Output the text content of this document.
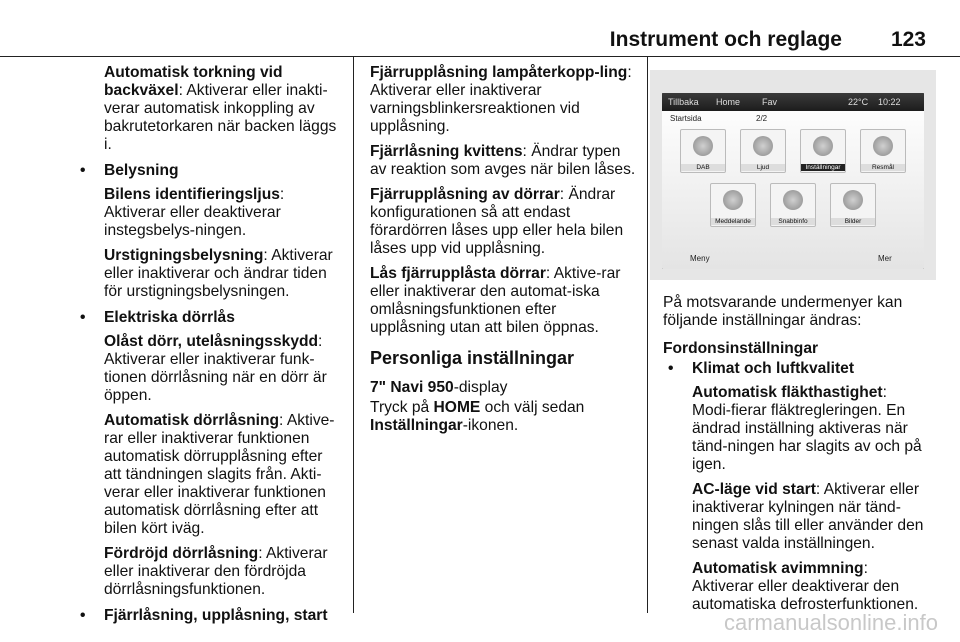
Instrument och reglage 123

Automatisk torkning vid backväxel: Aktiverar eller inakti-verar automatisk inkoppling av bakrutetorkaren när backen läggs i.

• Belysning

Bilens identifieringsljus: Aktiverar eller deaktiverar instegsbelys-ningen.

Urstigningsbelysning: Aktiverar eller inaktiverar och ändrar tiden för urstigningsbelysningen.

• Elektriska dörrlås

Olåst dörr, utelåsningsskydd: Aktiverar eller inaktiverar funk-tionen dörrlåsning när en dörr är öppen.

Automatisk dörrlåsning: Aktive-rar eller inaktiverar funktionen automatisk dörrupplåsning efter att tändningen slagits från. Akti-verar eller inaktiverar funktionen automatisk dörrlåsning efter att bilen kört iväg.

Fördröjd dörrlåsning: Aktiverar eller inaktiverar den fördröjda dörrlåsningsfunktionen.

• Fjärrlåsning, upplåsning, start

Fjärrupplåsning lampåterkopp-ling: Aktiverar eller inaktiverar varningsblinkersreaktionen vid upplåsning.

Fjärrlåsning kvittens: Ändrar typen av reaktion som avges när bilen låses.

Fjärrupplåsning av dörrar: Ändrar konfigurationen så att endast förardörren låses upp eller hela bilen låses upp vid upplåsning.

Lås fjärrupplåsta dörrar: Aktive-rar eller inaktiverar den automat-iska omlåsningsfunktionen efter upplåsning utan att bilen öppnas.

Personliga inställningar

7" Navi 950-display

Tryck på HOME och välj sedan
Inställningar-ikonen.

Tillbaka Home Fav	22°C 10:22
Startsida	2/2
DAB	Ljud	Inställningar	Resmål
Meddelande	Snabbinfo	Bilder
Meny	Mer

På motsvarande undermenyer kan följande inställningar ändras:

Fordonsinställningar

• Klimat och luftkvalitet

Automatisk fläkthastighet: Modi-fierar fläktregleringen. En ändrad inställning aktiveras när tänd-ningen har slagits av och på igen.

AC-läge vid start: Aktiverar eller inaktiverar kylningen när tänd-ningen slås till eller använder den senast valda inställningen.

Automatisk avimmning: Aktiverar eller deaktiverar den automatiska defrosterfunktionen.

carmanualsonline.info
